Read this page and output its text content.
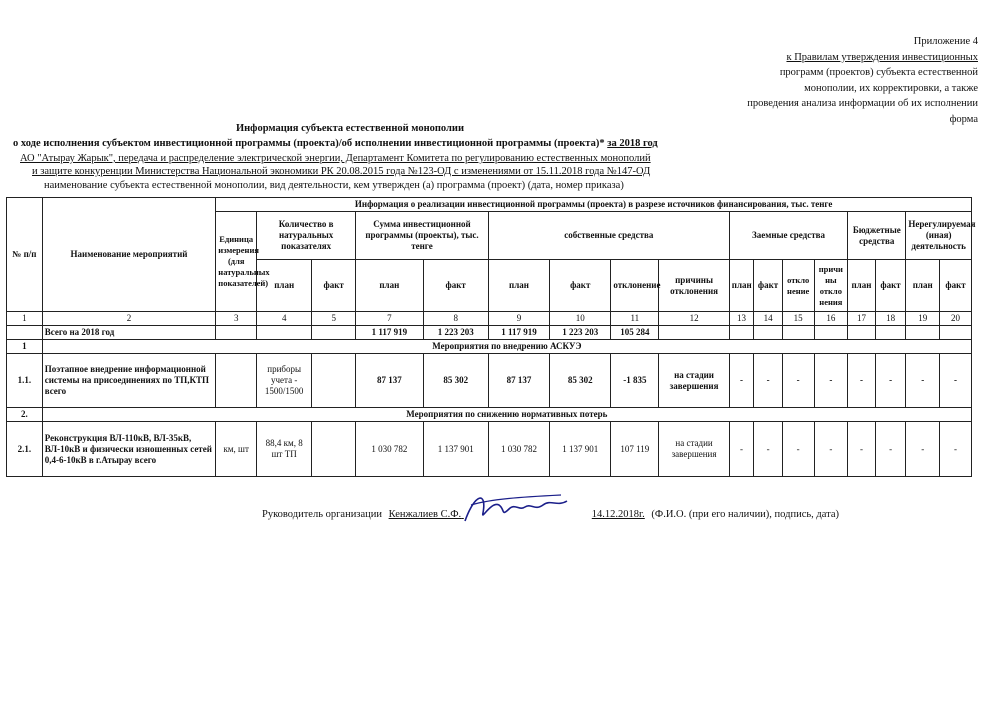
Приложение 4
к Правилам утверждения инвестиционных
программ (проектов) субъекта естественной
монополии, их корректировки, а также
проведения анализа информации об их исполнении
форма
Информация субъекта естественной монополии
о ходе исполнения субъектом инвестиционной программы (проекта)/об исполнении инвестиционной программы (проекта)* за 2018 год
АО "Атырау Жарык", передача и распределение электрической энергии, Департамент Комитета по регулированию естественных монополий
и защите конкуренции Министерства Национальной экономики РК 20.08.2015 года №123-ОД с изменениями от 15.11.2018 года №147-ОД
наименование субъекта естественной монополии, вид деятельности, кем утвержден (а) программа (проект) (дата, номер приказа)
№ п/п	Наименование мероприятий	Информация о реализации инвестиционной программы (проекта) в разрезе источников финансирования, тыс. тенге																
		Единица измерения (для натуральных показателей)	Количество в натуральных показателях		Сумма инвестиционной программы (проекты), тыс. тенге		собственные средства				Заемные средства				Бюджетные средства		Нерегулируемая (иная) деятельность	
			план	факт	план	факт	план	факт	отклонение	причины отклонения	план	факт	откло нение	причи ны откло нения	план	факт	план	факт
1	2	3	4	5	7	8	9	10	11	12	13	14	15	16	17	18	19	20
	Всего на 2018 год				1 117 919	1 223 203	1 117 919	1 223 203	105 284									
1	Мероприятия по внедрению АСКУЭ																	
1.1.	Поэтапное внедрение информационной системы на присоединениях по ТП,КТП всего		приборы учета - 1500/1500		87 137	85 302	87 137	85 302	-1 835	на стадии завершения	-	-	-	-	-	-	-	-
2.	Мероприятия по снижению нормативных потерь																	
2.1.	Реконструкция ВЛ-110кВ, ВЛ-35кВ, ВЛ-10кВ и физически изношенных сетей 0,4-6-10кВ в г.Атырау всего	км, шт	88,4 км, 8 шт ТП		1 030 782	1 137 901	1 030 782	1 137 901	107 119	на стадии завершения	-	-	-	-	-	-	-	-
Руководитель организации Кенжалиев С.Ф.	14.12.2018г. (Ф.И.О. (при его наличии), подпись, дата)
